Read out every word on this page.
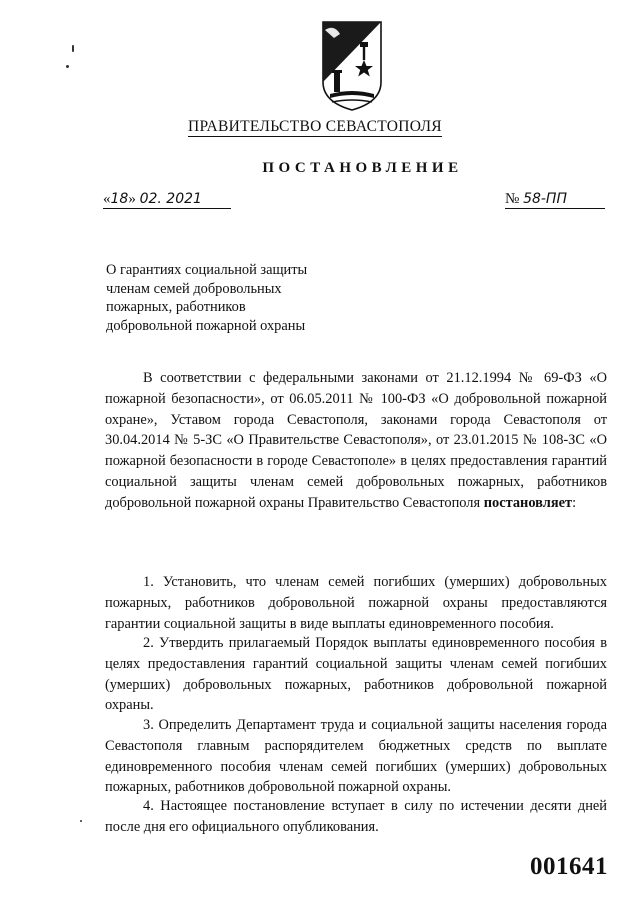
ПРАВИТЕЛЬСТВО СЕВАСТОПОЛЯ
ПОСТАНОВЛЕНИЕ
«18» 02. 2021	№ 58-ПП
О гарантиях социальной защиты
членам семей добровольных
пожарных, работников
добровольной пожарной охраны
В соответствии с федеральными законами от 21.12.1994 № 69-ФЗ «О пожарной безопасности», от 06.05.2011 № 100-ФЗ «О добровольной пожарной охране», Уставом города Севастополя, законами города Севастополя от 30.04.2014 № 5-ЗС «О Правительстве Севастополя», от 23.01.2015 № 108-ЗС «О пожарной безопасности в городе Севастополе» в целях предоставления гарантий социальной защиты членам семей добровольных пожарных, работников добровольной пожарной охраны Правительство Севастополя постановляет:
1. Установить, что членам семей погибших (умерших) добровольных пожарных, работников добровольной пожарной охраны предоставляются гарантии социальной защиты в виде выплаты единовременного пособия.
2. Утвердить прилагаемый Порядок выплаты единовременного пособия в целях предоставления гарантий социальной защиты членам семей погибших (умерших) добровольных пожарных, работников добровольной пожарной охраны.
3. Определить Департамент труда и социальной защиты населения города Севастополя главным распорядителем бюджетных средств по выплате единовременного пособия членам семей погибших (умерших) добровольных пожарных, работников добровольной пожарной охраны.
4. Настоящее постановление вступает в силу по истечении десяти дней после дня его официального опубликования.
001641
